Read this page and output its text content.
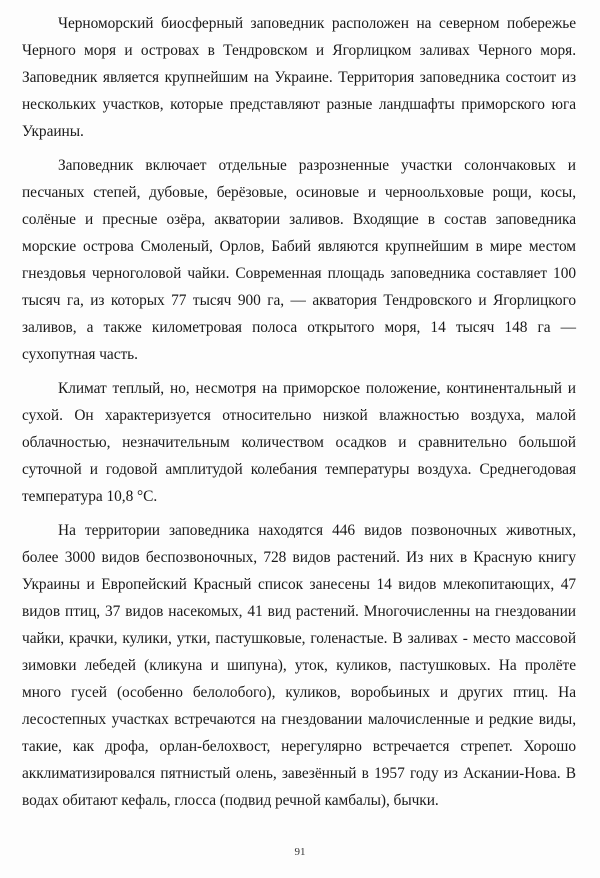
Черноморский биосферный заповедник расположен на северном побережье Черного моря и островах в Тендровском и Ягорлицком заливах Черного моря. Заповедник является крупнейшим на Украине. Территория заповедника состоит из нескольких участков, которые представляют разные ландшафты приморского юга Украины.

Заповедник включает отдельные разрозненные участки солончаковых и песчаных степей, дубовые, берёзовые, осиновые и черноольховые рощи, косы, солёные и пресные озёра, акватории заливов. Входящие в состав заповедника морские острова Смоленый, Орлов, Бабий являются крупнейшим в мире местом гнездовья черноголовой чайки. Современная площадь заповедника составляет 100 тысяч га, из которых 77 тысяч 900 га, — акватория Тендровского и Ягорлицкого заливов, а также километровая полоса открытого моря, 14 тысяч 148 га — сухопутная часть.

Климат теплый, но, несмотря на приморское положение, континентальный и сухой. Он характеризуется относительно низкой влажностью воздуха, малой облачностью, незначительным количеством осадков и сравнительно большой суточной и годовой амплитудой колебания температуры воздуха. Среднегодовая температура 10,8 °C.

На территории заповедника находятся 446 видов позвоночных животных, более 3000 видов беспозвоночных, 728 видов растений. Из них в Красную книгу Украины и Европейский Красный список занесены 14 видов млекопитающих, 47 видов птиц, 37 видов насекомых, 41 вид растений. Многочисленны на гнездовании чайки, крачки, кулики, утки, пастушковые, голенастые. В заливах - место массовой зимовки лебедей (кликуна и шипуна), уток, куликов, пастушковых. На пролёте много гусей (особенно белолобого), куликов, воробьиных и других птиц. На лесостепных участках встречаются на гнездовании малочисленные и редкие виды, такие, как дрофа, орлан-белохвост, нерегулярно встречается стрепет. Хорошо акклиматизировался пятнистый олень, завезённый в 1957 году из Аскании-Нова. В водах обитают кефаль, глосса (подвид речной камбалы), бычки.

91
